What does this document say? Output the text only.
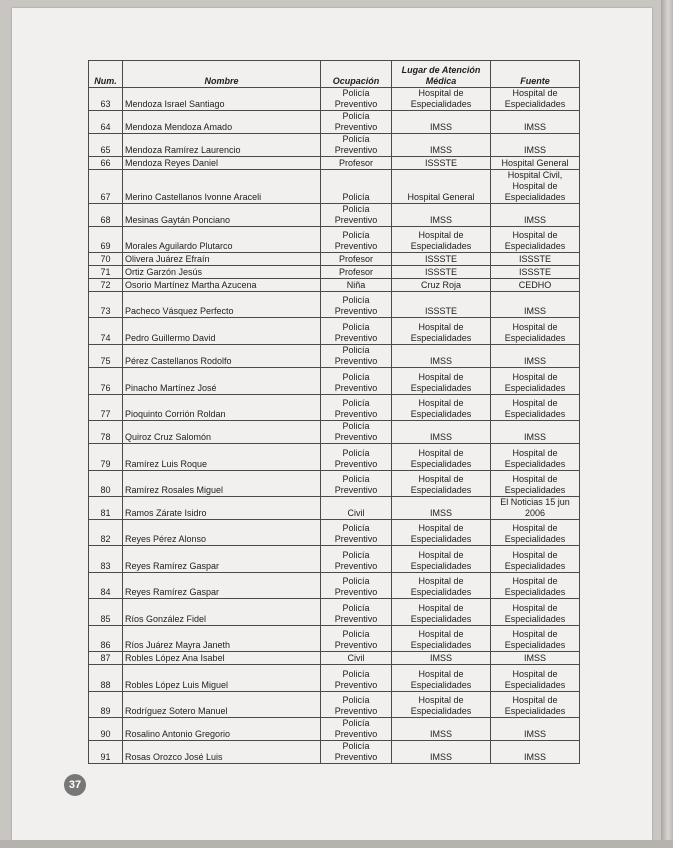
Num.	Nombre	Ocupación	Lugar de Atención Médica	Fuente
63	Mendoza Israel Santiago	Policía Preventivo	Hospital de Especialidades	Hospital de Especialidades
64	Mendoza Mendoza Amado	Policía Preventivo	IMSS	IMSS
65	Mendoza Ramírez Laurencio	Policía Preventivo	IMSS	IMSS
66	Mendoza Reyes Daniel	Profesor	ISSSTE	Hospital General
67	Merino Castellanos Ivonne Araceli	Policía	Hospital General	Hospital Civil, Hospital de Especialidades
68	Mesinas Gaytán Ponciano	Policía Preventivo	IMSS	IMSS
69	Morales Aguilardo Plutarco	Policía Preventivo	Hospital de Especialidades	Hospital de Especialidades
70	Olivera Juárez Efraín	Profesor	ISSSTE	ISSSTE
71	Ortiz Garzón Jesús	Profesor	ISSSTE	ISSSTE
72	Osorio Martínez Martha Azucena	Niña	Cruz Roja	CEDHO
73	Pacheco Vásquez Perfecto	Policía Preventivo	ISSSTE	IMSS
74	Pedro Guillermo David	Policía Preventivo	Hospital de Especialidades	Hospital de Especialidades
75	Pérez Castellanos Rodolfo	Policía Preventivo	IMSS	IMSS
76	Pinacho Martínez José	Policía Preventivo	Hospital de Especialidades	Hospital de Especialidades
77	Pioquinto Corrión Roldan	Policía Preventivo	Hospital de Especialidades	Hospital de Especialidades
78	Quiroz Cruz Salomón	Policía Preventivo	IMSS	IMSS
79	Ramírez Luis Roque	Policía Preventivo	Hospital de Especialidades	Hospital de Especialidades
80	Ramírez Rosales Miguel	Policía Preventivo	Hospital de Especialidades	Hospital de Especialidades
81	Ramos Zárate Isidro	Civil	IMSS	El Noticias 15 jun 2006
82	Reyes Pérez Alonso	Policía Preventivo	Hospital de Especialidades	Hospital de Especialidades
83	Reyes Ramírez Gaspar	Policía Preventivo	Hospital de Especialidades	Hospital de Especialidades
84	Reyes Ramírez Gaspar	Policía Preventivo	Hospital de Especialidades	Hospital de Especialidades
85	Ríos González Fidel	Policía Preventivo	Hospital de Especialidades	Hospital de Especialidades
86	Ríos Juárez Mayra Janeth	Policía Preventivo	Hospital de Especialidades	Hospital de Especialidades
87	Robles López Ana Isabel	Civil	IMSS	IMSS
88	Robles López Luis Miguel	Policía Preventivo	Hospital de Especialidades	Hospital de Especialidades
89	Rodríguez Sotero Manuel	Policía Preventivo	Hospital de Especialidades	Hospital de Especialidades
90	Rosalino Antonio Gregorio	Policía Preventivo	IMSS	IMSS
91	Rosas Orozco José Luis	Policía Preventivo	IMSS	IMSS
37
